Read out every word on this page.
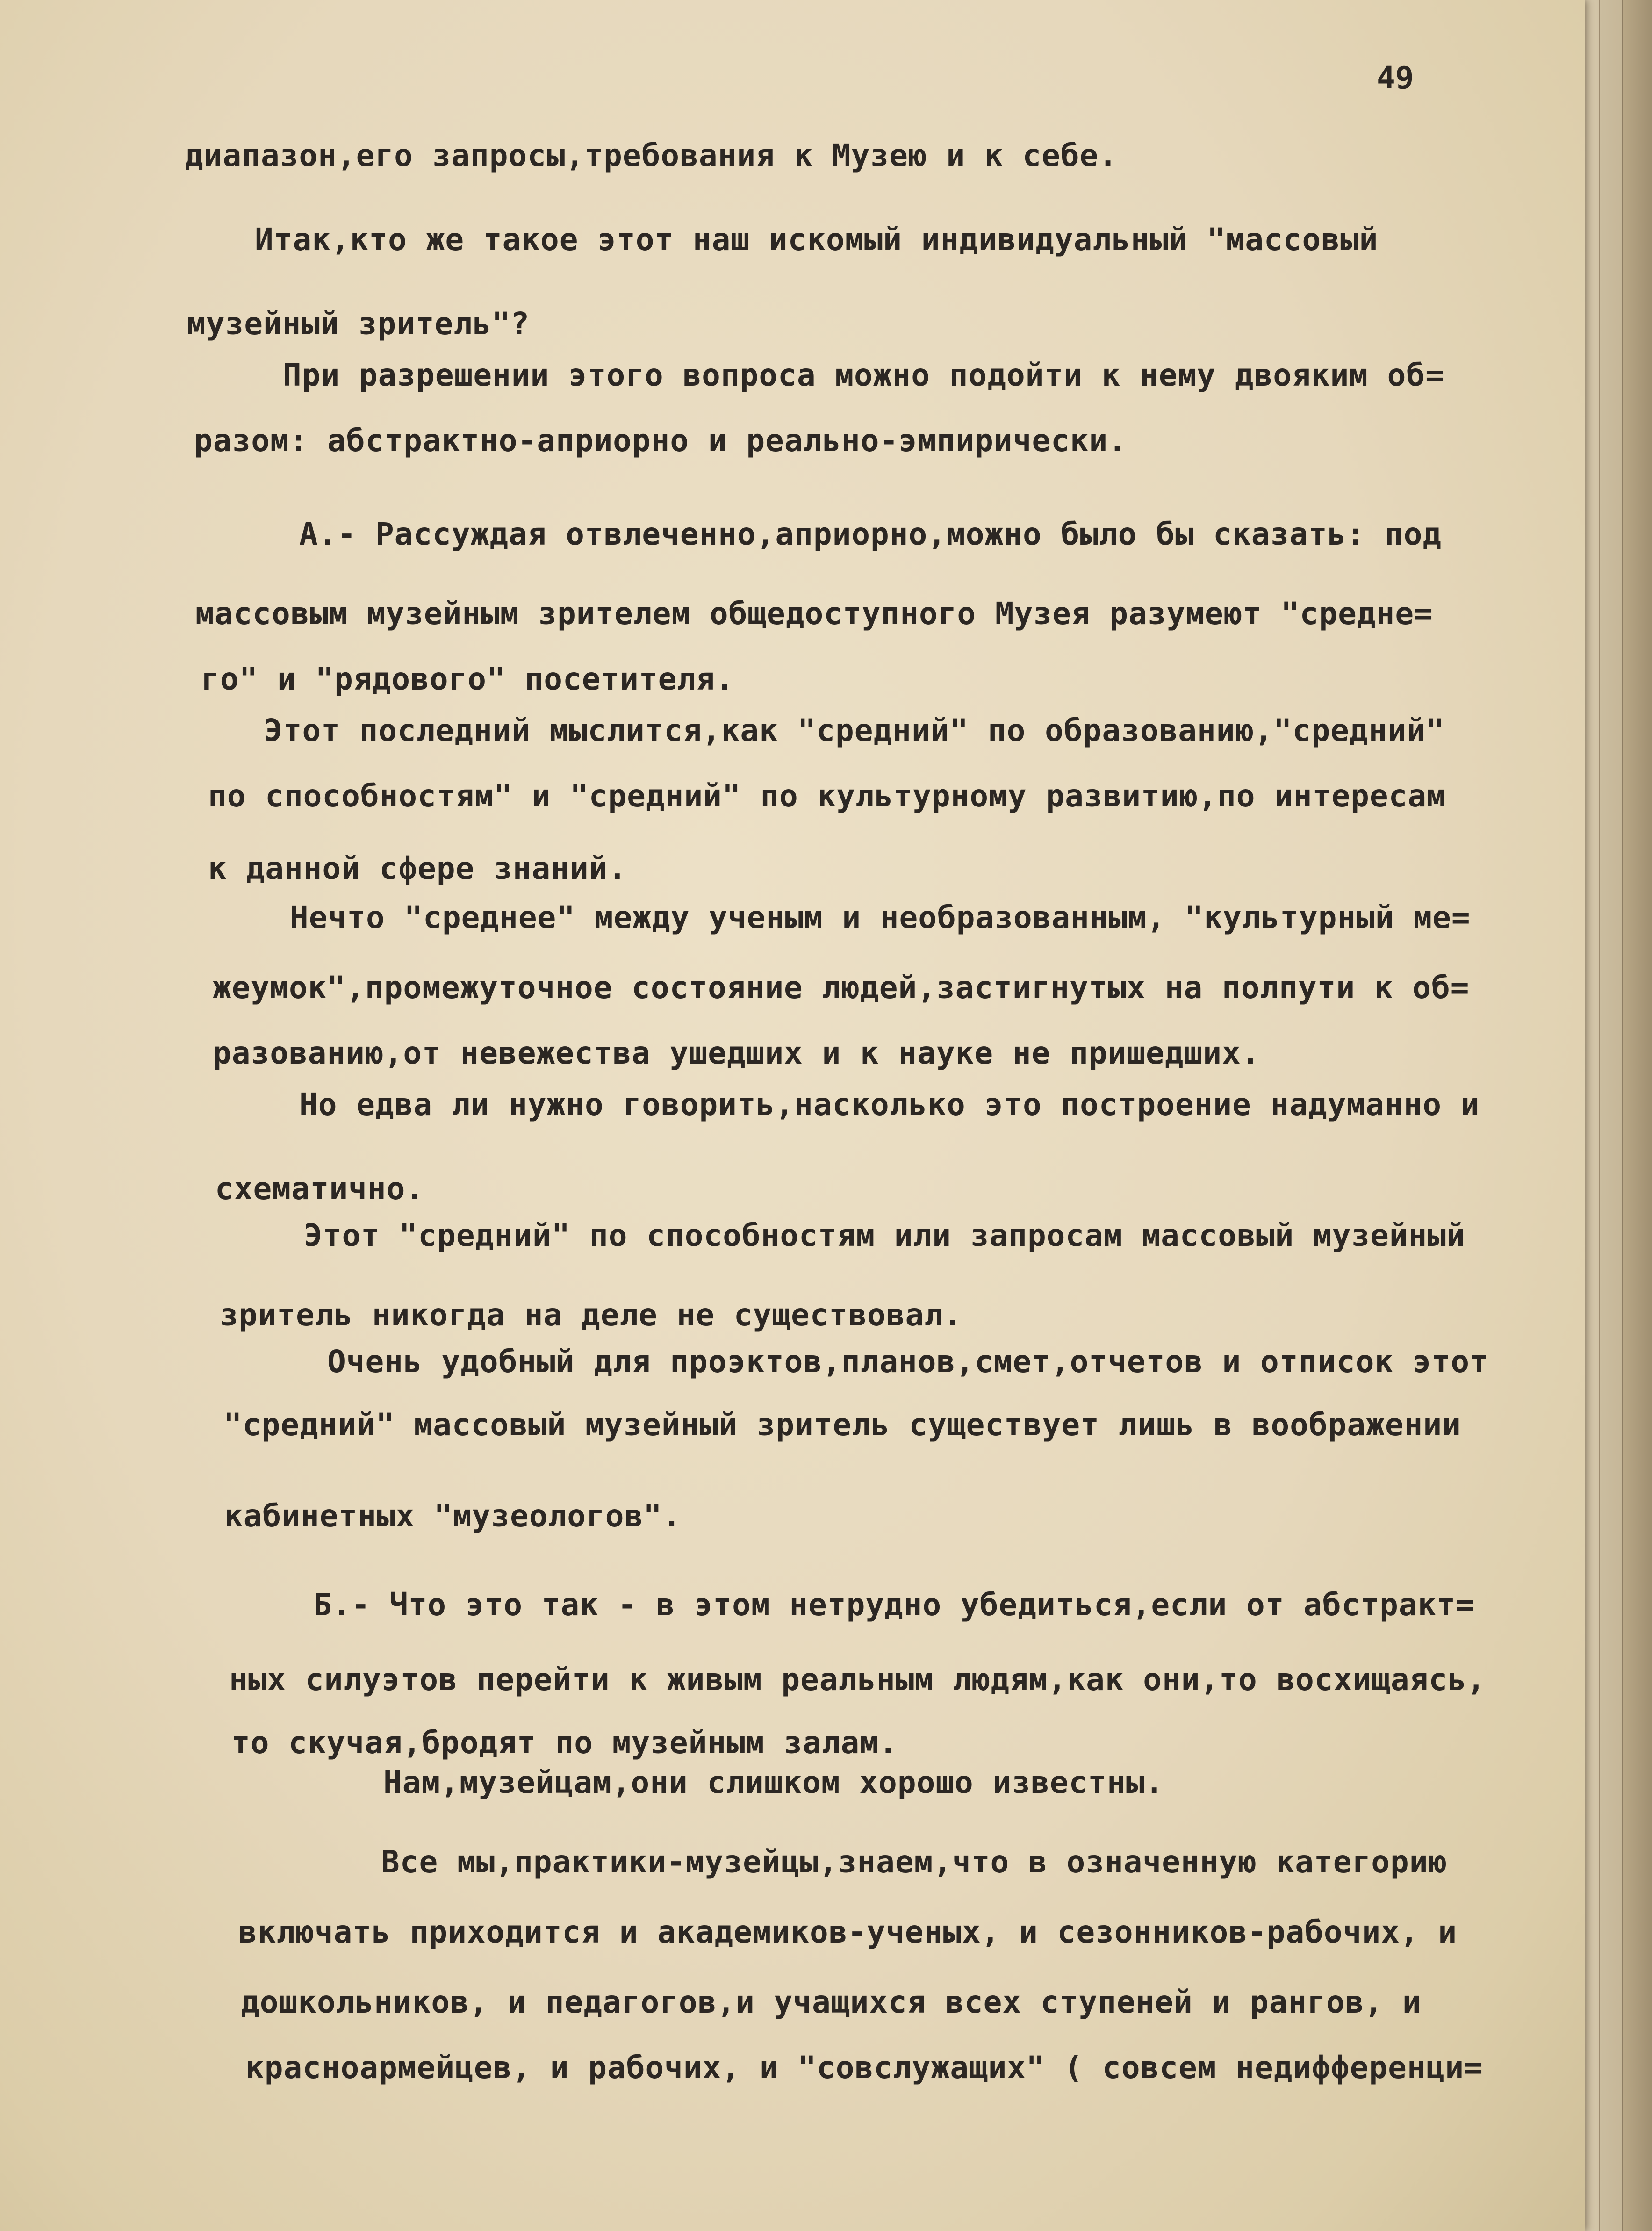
49

диапазон,его запросы,требования к Музею и к себе.

Итак,кто же такое этот наш искомый индивидуальный "массовый

музейный зритель"?

При разрешении этого вопроса можно подойти к нему двояким об=

разом: абстрактно-априорно и реально-эмпирически.

А.- Рассуждая отвлеченно,априорно,можно было бы сказать: под

массовым музейным зрителем общедоступного Музея разумеют "средне=

го" и "рядового" посетителя.

Этот последний мыслится,как "средний" по образованию,"средний"

по способностям" и "средний" по культурному развитию,по интересам

к данной сфере знаний.

Нечто "среднее" между ученым и необразованным, "культурный ме=

жеумок",промежуточное состояние людей,застигнутых на полпути к об=

разованию,от невежества ушедших и к науке не пришедших.

Но едва ли нужно говорить,насколько это построение надуманно и

схематично.

Этот "средний" по способностям или запросам массовый музейный

зритель никогда на деле не существовал.

Очень удобный для проэктов,планов,смет,отчетов и отписок этот

"средний" массовый музейный зритель существует лишь в воображении

кабинетных "музеологов".

Б.- Что это так - в этом нетрудно убедиться,если от абстракт=

ных силуэтов перейти к живым реальным людям,как они,то восхищаясь,

то скучая,бродят по музейным залам.

Нам,музейцам,они слишком хорошо известны.

Все мы,практики-музейцы,знаем,что в означенную категорию

включать приходится и академиков-ученых, и сезонников-рабочих, и

дошкольников, и педагогов,и учащихся всех ступеней и рангов, и

красноармейцев, и рабочих, и "совслужащих" ( совсем недифференци=
